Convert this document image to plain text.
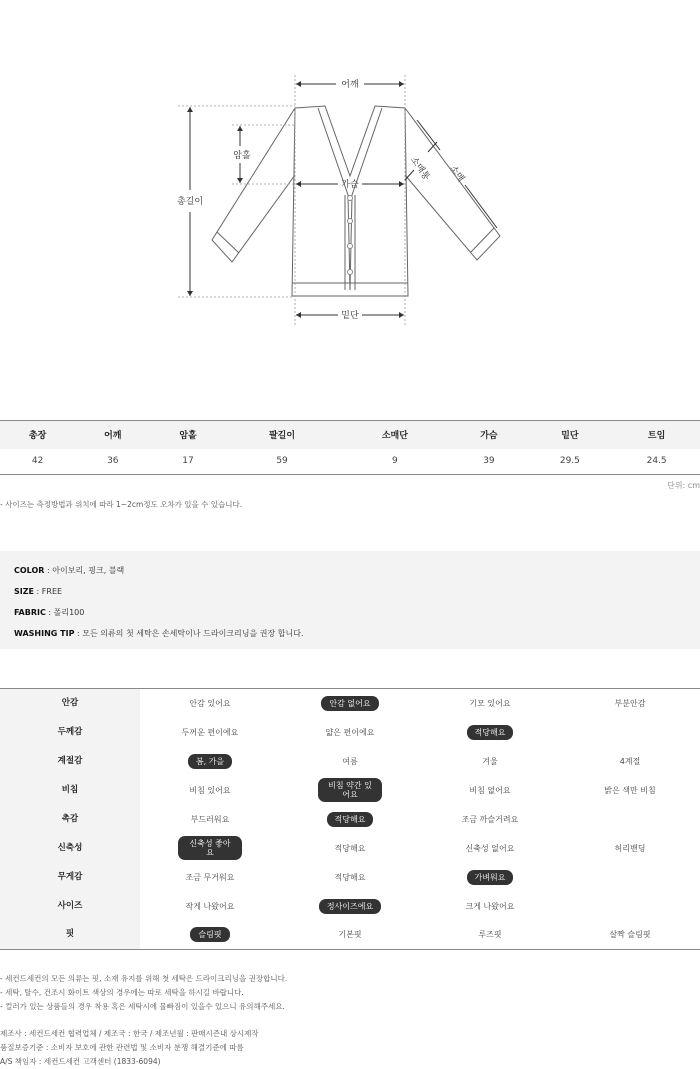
어깨
암홀
총길이
가슴
밑단
소매통 소매
총장	어깨	암홀	팔길이	소매단	가슴	밑단	트임
42	36	17	59	9	39	29.5	24.5
단위: cm
- 사이즈는 측정방법과 위치에 따라 1~2cm정도 오차가 있을 수 있습니다.
COLOR : 아이보리, 핑크, 블랙
SIZE : FREE
FABRIC : 폴리100
WASHING TIP : 모든 의류의 첫 세탁은 손세탁이나 드라이크리닝을 권장 합니다.
안감	안감 있어요	안감 없어요	기모 있어요	부분안감
두께감	두꺼운 편이에요	얇은 편이에요	적당해요	
계절감	봄, 가을	여름	겨울	4계절
비침	비침 있어요	비침 약간 있어요	비침 없어요	밝은 색만 비침
촉감	부드러워요	적당해요	조금 까슬거려요	
신축성	신축성 좋아요	적당해요	신축성 없어요	허리밴딩
무게감	조금 무거워요	적당해요	가벼워요	
사이즈	작게 나왔어요	정사이즈에요	크게 나왔어요	
핏	슬림핏	기본핏	루즈핏	살짝 슬림핏
- 세컨드세컨의 모든 의류는 핏, 소재 유지를 위해 첫 세탁은 드라이크리닝을 권장합니다.
- 세탁, 탈수, 건조시 화이트 색상의 경우에는 따로 세탁을 하시길 바랍니다.
- 컬러가 있는 상품들의 경우 착용 혹은 세탁시에 물빠짐이 있을수 있으니 유의해주세요.
제조사 : 세컨드세컨 협력업체 / 제조국 : 한국 / 제조년월 : 판매시즌내 상시제작
품질보증기준 : 소비자 보호에 관한 관련법 및 소비자 분쟁 해결기준에 따름
A/S 책임자 : 세컨드세컨 고객센터 (1833-6094)
